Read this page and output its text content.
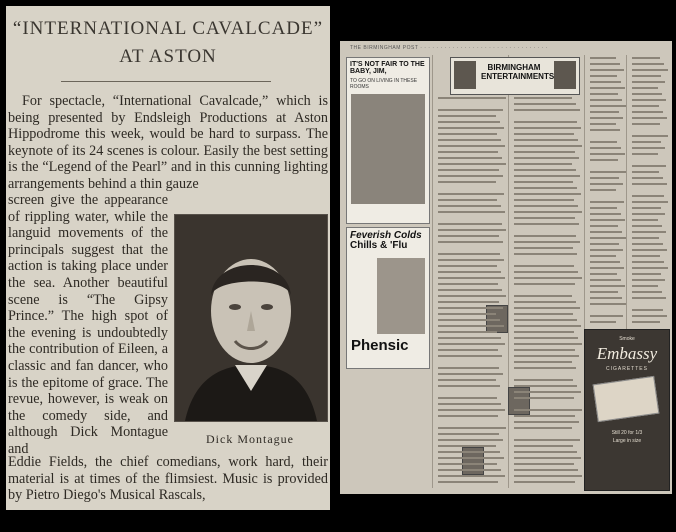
“INTERNATIONAL CAVALCADE”
AT ASTON
For spectacle, “International Cavalcade,” which is being presented by Endsleigh Productions at Aston Hippodrome this week, would be hard to surpass. The keynote of its 24 scenes is colour. Easily the best setting is the “Legend of the Pearl” and in this cunning lighting arrangements behind a thin gauze
screen give the appearance of rippling water, while the languid movements of the principals suggest that the action is taking place under the sea. Another beautiful scene is “The Gipsy Prince.” The high spot of the evening is undoubtedly the contribution of Eileen, a classic and fan dancer, who is the epitome of grace. The revue, however, is weak on the comedy side, and although Dick Montague and
Dick Montague
Eddie Fields, the chief comedians, work hard, their material is at times of the flimsiest. Music is provided by Pietro Diego's Musical Rascals,
THE BIRMINGHAM POST · · · · · · · · · · · · · · · · · · · · · · · · · · · · · · · ·
IT'S NOT FAIR TO THE BABY, JIM,
TO GO ON LIVING IN THESE ROOMS
Feverish Colds
Chills & 'Flu
Phensic
BIRMINGHAM ENTERTAINMENTS
Smoke
Embassy
CIGARETTES
Still 20 for 1/3
Large in size
